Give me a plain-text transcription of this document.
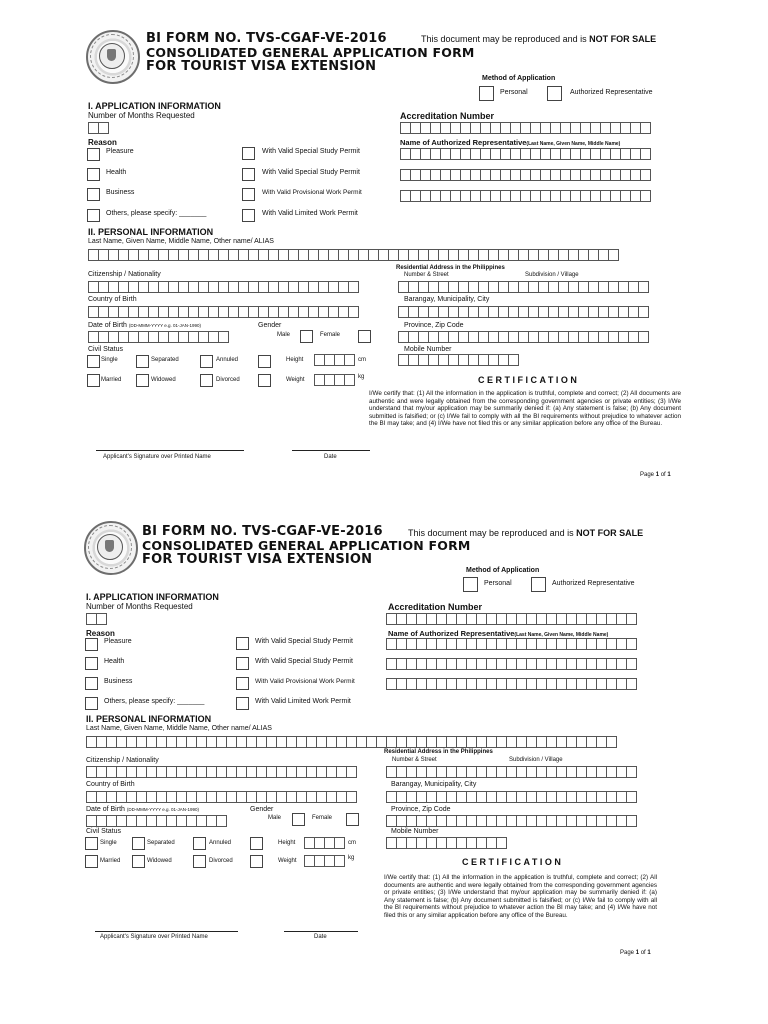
BI FORM NO. TVS-CGAF-VE-2016
CONSOLIDATED GENERAL APPLICATION FORM
FOR TOURIST VISA EXTENSION
This document may be reproduced and is NOT FOR SALE
Method of Application
Personal	Authorized Representative
I. APPLICATION INFORMATION
Number of Months Requested
Reason
Pleasure
Health
Business
Others, please specify: _______
With Valid Special Study Permit
With Valid Special Study Permit
With Valid Provisional Work Permit
With Valid Limited Work Permit
Accreditation Number
Name of Authorized Representative(Last Name, Given Name, Middle Name)
II. PERSONAL INFORMATION
Last Name, Given Name, Middle Name, Other name/ ALIAS
Residential Address in the Philippines
Number & Street	Subdivision / Village
Citizenship / Nationality
Country of Birth	Barangay, Municipality, City
Date of Birth (DD-MMM-YYYY e.g. 01-JAN-1990)	Gender
Male	Female
Province, Zip Code
Civil Status
Single	Separated	Annuled
Married	Widowed	Divorced
Height	cm
Weight	kg
Mobile Number
CERTIFICATION
I/We certify that: (1) All the information in the application is truthful, complete and correct; (2) All documents are authentic and were legally obtained from the corresponding government agencies or private entities; (3) I/We understand that my/our application may be summarily denied if: (a) Any statement is false; (b) Any document submitted is falsified; or (c) I/We fail to comply with all the BI requirements without prejudice to whatever action the BI may take; and (4) I/We have not filed this or any similar application before any office of the Bureau.
Applicant's Signature over Printed Name	Date
Page 1 of 1
BI FORM NO. TVS-CGAF-VE-2016
CONSOLIDATED GENERAL APPLICATION FORM
FOR TOURIST VISA EXTENSION
This document may be reproduced and is NOT FOR SALE
Method of Application
Personal	Authorized Representative
I. APPLICATION INFORMATION
Number of Months Requested
Reason
Pleasure
Health
Business
Others, please specify: _______
With Valid Special Study Permit
With Valid Special Study Permit
With Valid Provisional Work Permit
With Valid Limited Work Permit
Accreditation Number
Name of Authorized Representative(Last Name, Given Name, Middle Name)
II. PERSONAL INFORMATION
Last Name, Given Name, Middle Name, Other name/ ALIAS
Residential Address in the Philippines
Number & Street	Subdivision / Village
Citizenship / Nationality
Country of Birth	Barangay, Municipality, City
Date of Birth (DD-MMM-YYYY e.g. 01-JAN-1990)	Gender
Male	Female
Province, Zip Code
Civil Status
Single	Separated	Annuled
Married	Widowed	Divorced
Height	cm
Weight	kg
Mobile Number
CERTIFICATION
I/We certify that: (1) All the information in the application is truthful, complete and correct; (2) All documents are authentic and were legally obtained from the corresponding government agencies or private entities; (3) I/We understand that my/our application may be summarily denied if: (a) Any statement is false; (b) Any document submitted is falsified; or (c) I/We fail to comply with all the BI requirements without prejudice to whatever action the BI may take; and (4) I/We have not filed this or any similar application before any office of the Bureau.
Applicant's Signature over Printed Name	Date
Page 1 of 1
